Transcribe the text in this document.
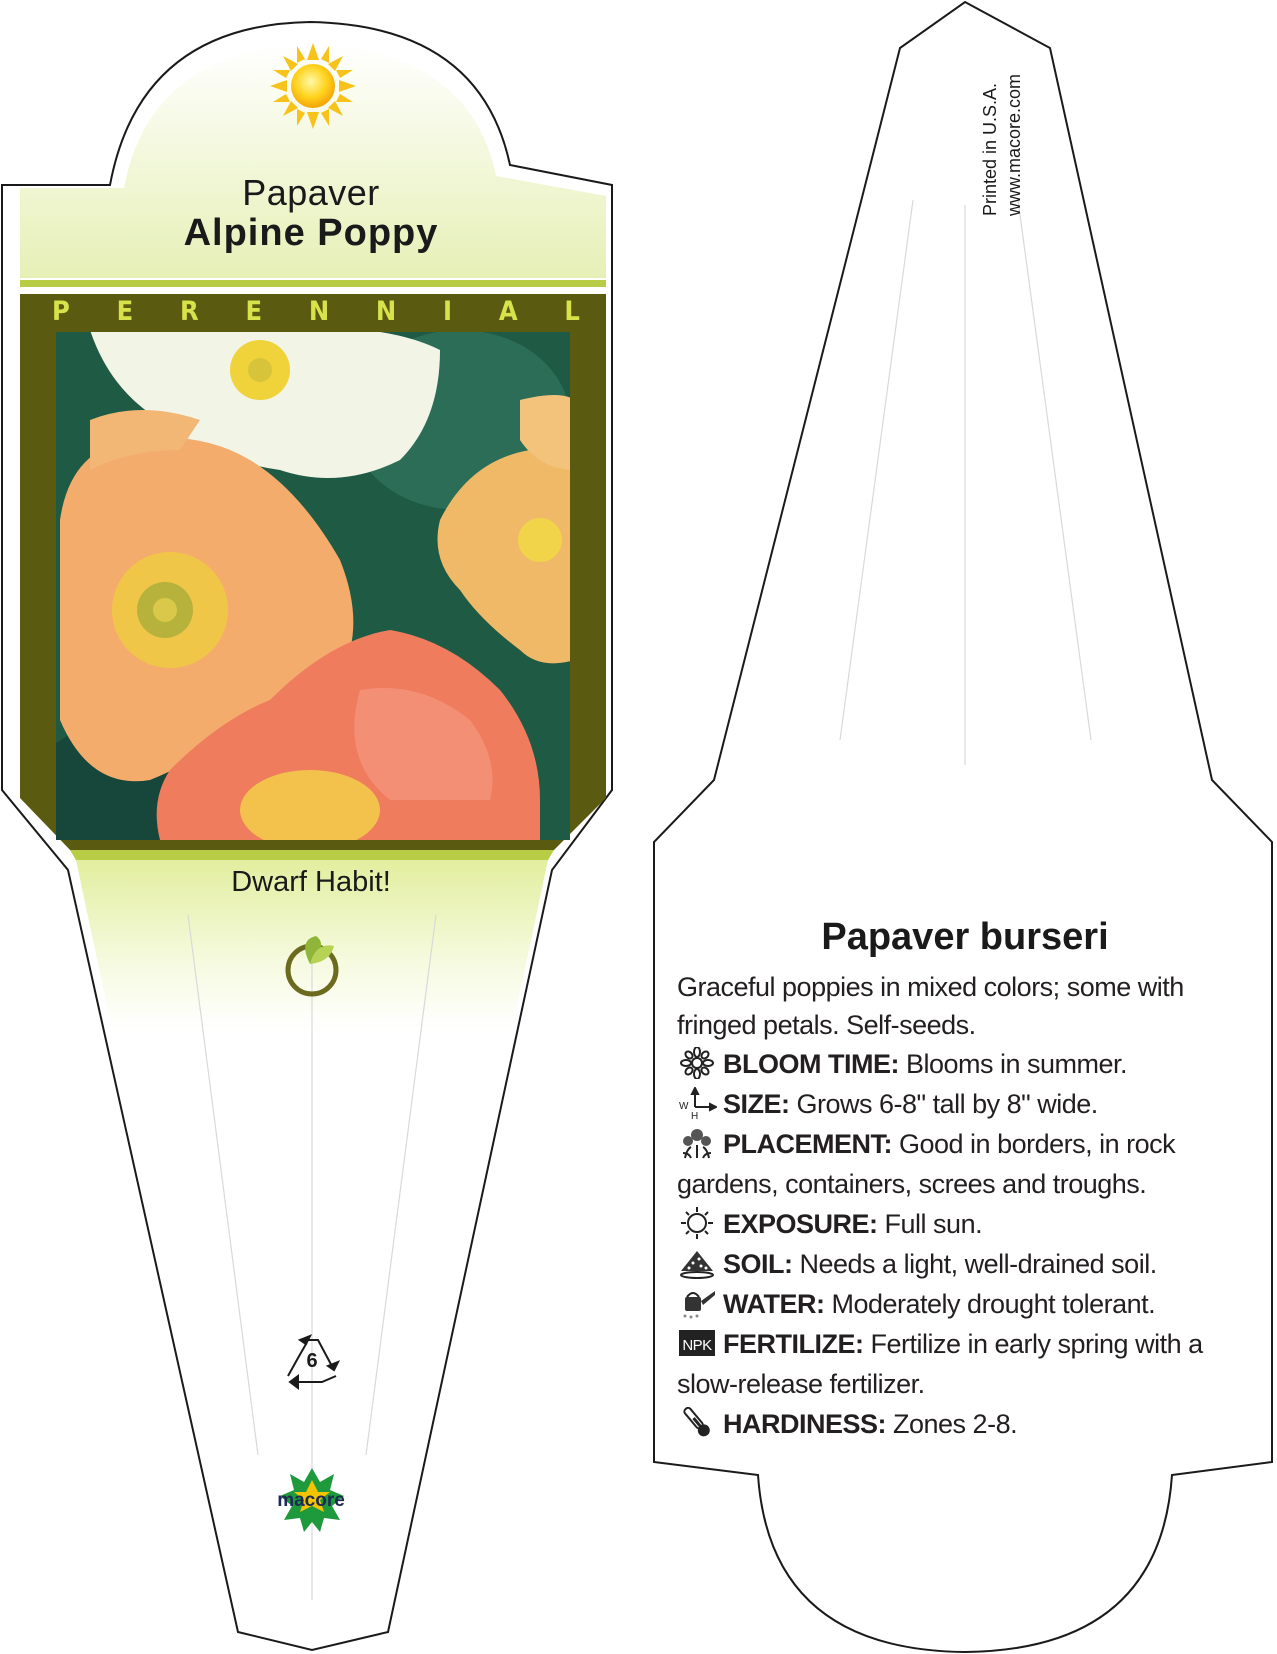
Papaver
Alpine Poppy
P E R E N N I A L

Dwarf Habit!

6
macore
Printed in U.S.A. www.macore.com
Papaver burseri

Graceful poppies in mixed colors; some with fringed petals. Self-seeds.

BLOOM TIME: Blooms in summer.

W
H SIZE: Grows 6-8" tall by 8" wide.

PLACEMENT: Good in borders, in rock gardens, containers, screes and troughs.

EXPOSURE: Full sun.

SOIL: Needs a light, well-drained soil.

WATER: Moderately drought tolerant.

NPK FERTILIZE: Fertilize in early spring with a slow-release fertilizer.

HARDINESS: Zones 2-8.
